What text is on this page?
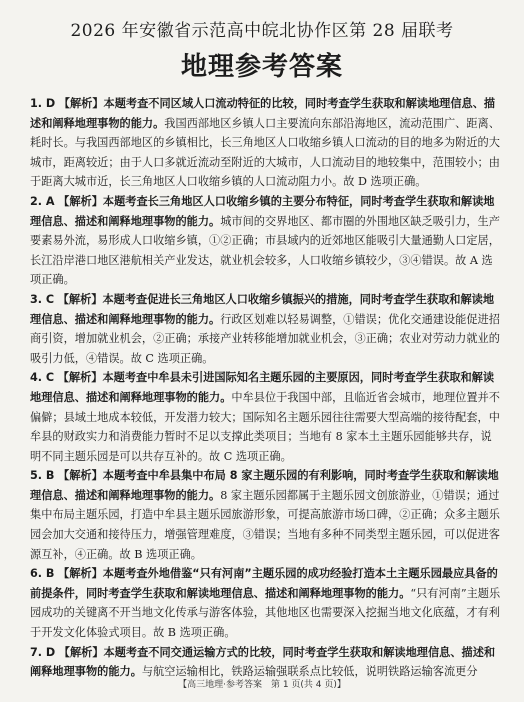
2026 年安徽省示范高中皖北协作区第 28 届联考
地理参考答案

1. D 【解析】本题考查不同区域人口流动特征的比较，同时考查学生获取和解读地理信息、描述和阐释地理事物的能力。我国西部地区乡镇人口主要流向东部沿海地区，流动范围广、距离、耗时长。与我国西部地区的乡镇相比，长三角地区人口收缩乡镇人口流动的目的地多为附近的大城市，距离较近；由于人口多就近流动至附近的大城市，人口流动目的地较集中，范围较小；由于距离大城市近，长三角地区人口收缩乡镇的人口流动阻力小。故 D 选项正确。

2. A 【解析】本题考查长三角地区人口收缩乡镇的主要分布特征，同时考查学生获取和解读地理信息、描述和阐释地理事物的能力。城市间的交界地区、都市圈的外围地区缺乏吸引力，生产要素易外流，易形成人口收缩乡镇，①②正确；市县域内的近郊地区能吸引大量通勤人口定居，长江沿岸港口地区港航相关产业发达，就业机会较多，人口收缩乡镇较少，③④错误。故 A 选项正确。

3. C 【解析】本题考查促进长三角地区人口收缩乡镇振兴的措施，同时考查学生获取和解读地理信息、描述和阐释地理事物的能力。行政区划难以轻易调整，①错误；优化交通建设能促进招商引资，增加就业机会，②正确；承接产业转移能增加就业机会，③正确；农业对劳动力就业的吸引力低，④错误。故 C 选项正确。

4. C 【解析】本题考查中牟县未引进国际知名主题乐园的主要原因，同时考查学生获取和解读地理信息、描述和阐释地理事物的能力。中牟县位于我国中部，且临近省会城市，地理位置并不偏僻；县域土地成本较低，开发潜力较大；国际知名主题乐园往往需要大型高端的接待配套，中牟县的财政实力和消费能力暂时不足以支撑此类项目；当地有 8 家本土主题乐园能够共存，说明不同主题乐园是可以共存互补的。故 C 选项正确。

5. B 【解析】本题考查中牟县集中布局 8 家主题乐园的有利影响，同时考查学生获取和解读地理信息、描述和阐释地理事物的能力。8 家主题乐园都属于主题乐园文创旅游业，①错误；通过集中布局主题乐园，打造中牟县主题乐园旅游形象，可提高旅游市场口碑，②正确；众多主题乐园会加大交通和接待压力，增强管理难度，③错误；当地有多种不同类型主题乐园，可以促进客源互补，④正确。故 B 选项正确。

6. B 【解析】本题考查外地借鉴“只有河南”主题乐园的成功经验打造本土主题乐园最应具备的前提条件，同时考查学生获取和解读地理信息、描述和阐释地理事物的能力。“只有河南”主题乐园成功的关键离不开当地文化传承与游客体验，其他地区也需要深入挖掘当地文化底蕴，才有利于开发文化体验式项目。故 B 选项正确。

7. D 【解析】本题考查不同交通运输方式的比较，同时考查学生获取和解读地理信息、描述和阐释地理事物的能力。与航空运输相比，铁路运输强联系点比较低，说明铁路运输客流更分

【高三地理·参考答案　第 1 页(共 4 页)】
